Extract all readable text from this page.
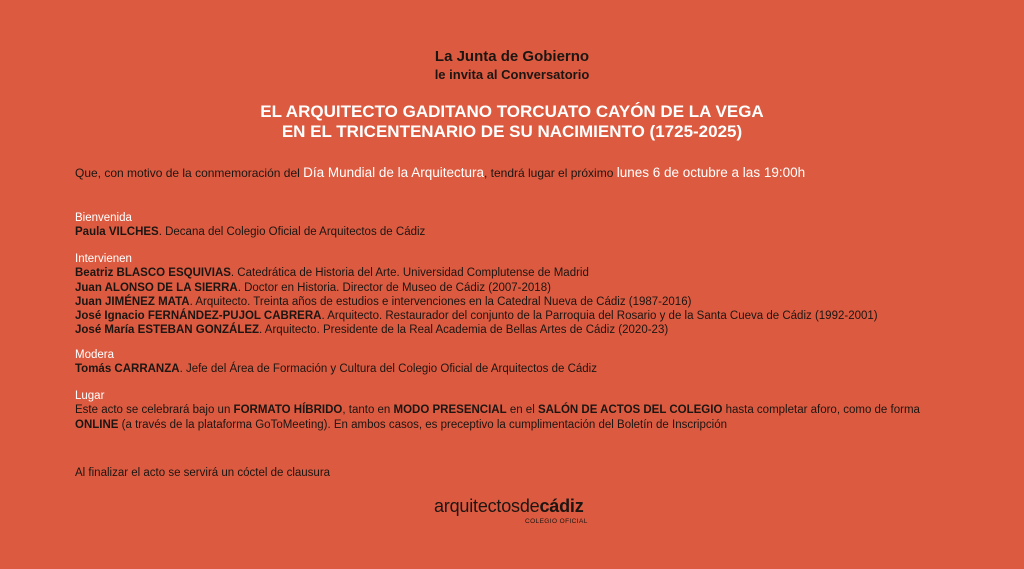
La Junta de Gobierno
le invita al Conversatorio
EL ARQUITECTO GADITANO TORCUATO CAYÓN DE LA VEGA
EN EL TRICENTENARIO DE SU NACIMIENTO (1725-2025)
Que, con motivo de la conmemoración del Día Mundial de la Arquitectura, tendrá lugar el próximo lunes 6 de octubre a las 19:00h
Bienvenida
Paula VILCHES. Decana del Colegio Oficial de Arquitectos de Cádiz
Intervienen
Beatriz BLASCO ESQUIVIAS. Catedrática de Historia del Arte. Universidad Complutense de Madrid
Juan ALONSO DE LA SIERRA. Doctor en Historia. Director de Museo de Cádiz (2007-2018)
Juan JIMÉNEZ MATA. Arquitecto. Treinta años de estudios e intervenciones en la Catedral Nueva de Cádiz (1987-2016)
José Ignacio FERNÁNDEZ-PUJOL CABRERA. Arquitecto. Restaurador del conjunto de la Parroquia del Rosario y de la Santa Cueva de Cádiz (1992-2001)
José María ESTEBAN GONZÁLEZ. Arquitecto. Presidente de la Real Academia de Bellas Artes de Cádiz (2020-23)
Modera
Tomás CARRANZA. Jefe del Área de Formación y Cultura del Colegio Oficial de Arquitectos de Cádiz
Lugar
Este acto se celebrará bajo un FORMATO HÍBRIDO, tanto en MODO PRESENCIAL en el SALÓN DE ACTOS DEL COLEGIO hasta completar aforo, como de forma ONLINE (a través de la plataforma GoToMeeting). En ambos casos, es preceptivo la cumplimentación del Boletín de Inscripción
Al finalizar el acto se servirá un cóctel de clausura
arquitectosdecádiz
COLEGIO OFICIAL
